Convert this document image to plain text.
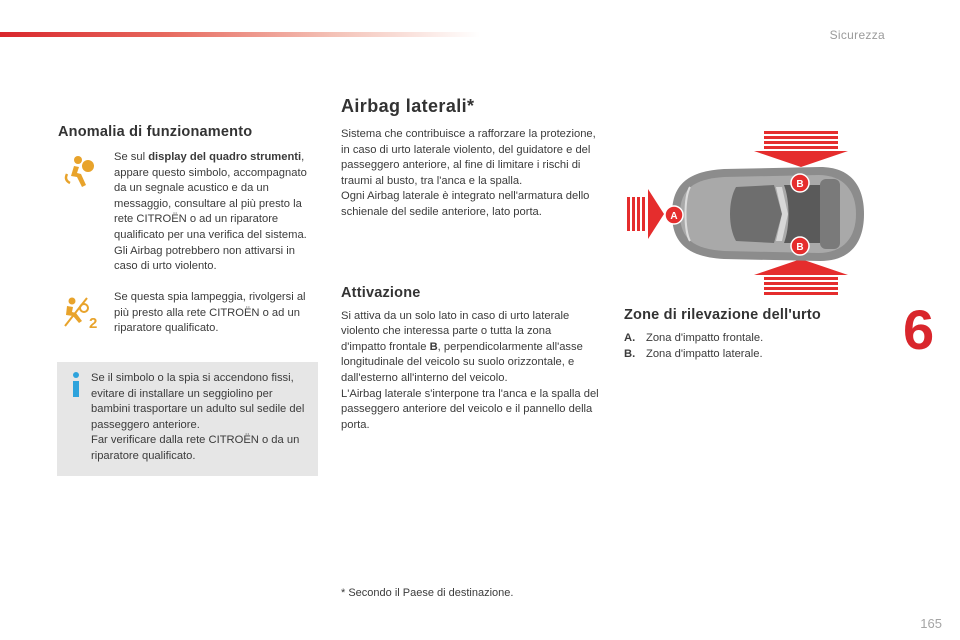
Sicurezza
Anomalia di funzionamento

Se sul display del quadro strumenti, appare questo simbolo, accompagnato da un segnale acustico e da un messaggio, consultare al più presto la rete CITROËN o ad un riparatore qualificato per una verifica del sistema. Gli Airbag potrebbero non attivarsi in caso di urto violento.

2

Se questa spia lampeggia, rivolgersi al più presto alla rete CITROËN o ad un riparatore qualificato.

Se il simbolo o la spia si accendono fissi, evitare di installare un seggiolino per bambini trasportare un adulto sul sedile del passeggero anteriore.
Far verificare dalla rete CITROËN o da un riparatore qualificato.

Airbag laterali*

Sistema che contribuisce a rafforzare la protezione, in caso di urto laterale violento, del guidatore e del passeggero anteriore, al fine di limitare i rischi di traumi al busto, tra l'anca e la spalla.
Ogni Airbag laterale è integrato nell'armatura dello schienale del sedile anteriore, lato porta.

Attivazione

Si attiva da un solo lato in caso di urto laterale violento che interessa parte o tutta la zona d'impatto frontale B, perpendicolarmente all'asse longitudinale del veicolo su suolo orizzontale, e dall'esterno all'interno del veicolo.
L'Airbag laterale s'interpone tra l'anca e la spalla del passeggero anteriore del veicolo e il pannello della porta.

* Secondo il Paese di destinazione.
A
B
B
Zone di rilevazione dell'urto
A. Zona d'impatto frontale.
B. Zona d'impatto laterale.	6
165
